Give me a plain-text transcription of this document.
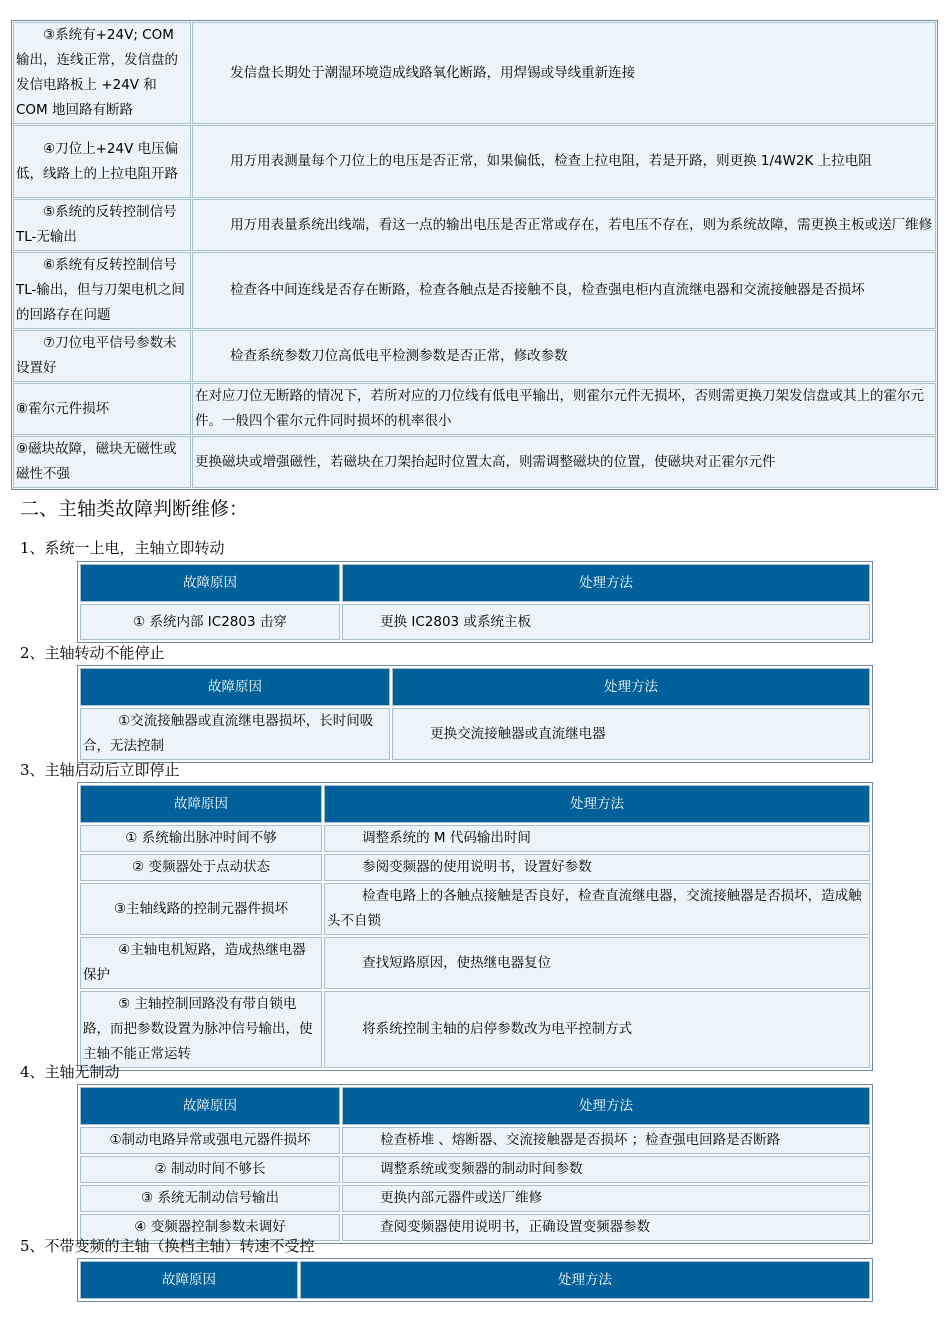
③系统有+24V; COM 输出，连线正常，发信盘的发信电路板上 +24V 和 COM 地回路有断路	发信盘长期处于潮湿环境造成线路氧化断路，用焊锡或导线重新连接
④刀位上+24V 电压偏低，线路上的上拉电阻开路	用万用表测量每个刀位上的电压是否正常，如果偏低，检查上拉电阻，若是开路，则更换 1/4W2K 上拉电阻
⑤系统的反转控制信号 TL-无输出	用万用表量系统出线端，看这一点的输出电压是否正常或存在，若电压不存在，则为系统故障，需更换主板或送厂维修
⑥系统有反转控制信号 TL-输出，但与刀架电机之间的回路存在问题	检查各中间连线是否存在断路，检查各触点是否接触不良，检查强电柜内直流继电器和交流接触器是否损坏
⑦刀位电平信号参数未设置好	检查系统参数刀位高低电平检测参数是否正常，修改参数
⑧霍尔元件损坏	在对应刀位无断路的情况下，若所对应的刀位线有低电平输出，则霍尔元件无损坏，否则需更换刀架发信盘或其上的霍尔元件。一般四个霍尔元件同时损坏的机率很小
⑨磁块故障，磁块无磁性或磁性不强	更换磁块或增强磁性，若磁块在刀架抬起时位置太高，则需调整磁块的位置，使磁块对正霍尔元件
二、主轴类故障判断维修：
1、系统一上电，主轴立即转动
故障原因	处理方法
① 系统内部 IC2803 击穿	更换 IC2803 或系统主板
2、主轴转动不能停止
故障原因	处理方法
①交流接触器或直流继电器损坏，长时间吸合，无法控制	更换交流接触器或直流继电器
3、主轴启动后立即停止
故障原因	处理方法
① 系统输出脉冲时间不够	调整系统的 M 代码输出时间
② 变频器处于点动状态	参阅变频器的使用说明书，设置好参数
③主轴线路的控制元器件损坏	检查电路上的各触点接触是否良好，检查直流继电器，交流接触器是否损坏，造成触头不自锁
④主轴电机短路，造成热继电器保护	查找短路原因，使热继电器复位
⑤ 主轴控制回路没有带自锁电路，而把参数设置为脉冲信号输出，使主轴不能正常运转	将系统控制主轴的启停参数改为电平控制方式
4、主轴无制动
故障原因	处理方法
①制动电路异常或强电元器件损坏	检查桥堆 、熔断器、交流接触器是否损坏 ；检查强电回路是否断路
② 制动时间不够长	调整系统或变频器的制动时间参数
③ 系统无制动信号输出	更换内部元器件或送厂维修
④ 变频器控制参数未调好	查阅变频器使用说明书，正确设置变频器参数
5、不带变频的主轴（换档主轴）转速不受控
故障原因	处理方法
